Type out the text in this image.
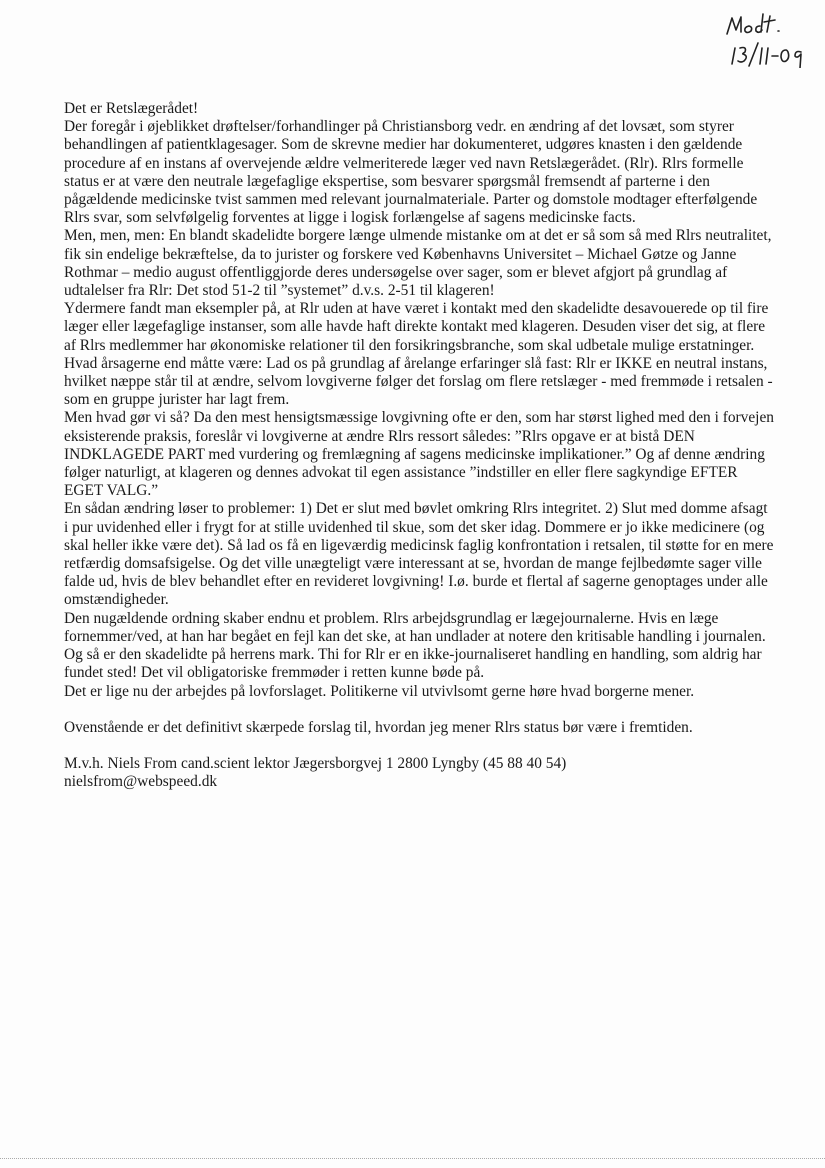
Det er Retslægerådet!

Der foregår i øjeblikket drøftelser/forhandlinger på Christiansborg vedr. en ændring af det lovsæt, som styrer behandlingen af patientklagesager. Som de skrevne medier har dokumenteret, udgøres knasten i den gældende procedure af en instans af overvejende ældre velmeriterede læger ved navn Retslægerådet. (Rlr). Rlrs formelle status er at være den neutrale lægefaglige ekspertise, som besvarer spørgsmål fremsendt af parterne i den pågældende medicinske tvist sammen med relevant journalmateriale. Parter og domstole modtager efterfølgende Rlrs svar, som selvfølgelig forventes at ligge i logisk forlængelse af sagens medicinske facts.

Men, men, men: En blandt skadelidte borgere længe ulmende mistanke om at det er så som så med Rlrs neutralitet, fik sin endelige bekræftelse, da to jurister og forskere ved Københavns Universitet – Michael Gøtze og Janne Rothmar – medio august offentliggjorde deres undersøgelse over sager, som er blevet afgjort på grundlag af udtalelser fra Rlr: Det stod 51-2 til ”systemet” d.v.s. 2-51 til klageren!

Ydermere fandt man eksempler på, at Rlr uden at have været i kontakt med den skadelidte desavouerede op til fire læger eller lægefaglige instanser, som alle havde haft direkte kontakt med klageren. Desuden viser det sig, at flere af Rlrs medlemmer har økonomiske relationer til den forsikringsbranche, som skal udbetale mulige erstatninger.

Hvad årsagerne end måtte være: Lad os på grundlag af årelange erfaringer slå fast: Rlr er IKKE en neutral instans, hvilket næppe står til at ændre, selvom lovgiverne følger det forslag om flere retslæger - med fremmøde i retsalen - som en gruppe jurister har lagt frem.

Men hvad gør vi så? Da den mest hensigtsmæssige lovgivning ofte er den, som har størst lighed med den i forvejen eksisterende praksis, foreslår vi lovgiverne at ændre Rlrs ressort således: ”Rlrs opgave er at bistå DEN INDKLAGEDE PART med vurdering og fremlægning af sagens medicinske implikationer.” Og af denne ændring følger naturligt, at klageren og dennes advokat til egen assistance ”indstiller en eller flere sagkyndige EFTER EGET VALG.”

En sådan ændring løser to problemer: 1) Det er slut med bøvlet omkring Rlrs integritet. 2) Slut med domme afsagt i pur uvidenhed eller i frygt for at stille uvidenhed til skue, som det sker idag. Dommere er jo ikke medicinere (og skal heller ikke være det). Så lad os få en ligeværdig medicinsk faglig konfrontation i retsalen, til støtte for en mere retfærdig domsafsigelse. Og det ville unægteligt være interessant at se, hvordan de mange fejlbedømte sager ville falde ud, hvis de blev behandlet efter en revideret lovgivning! I.ø. burde et flertal af sagerne genoptages under alle omstændigheder.

Den nugældende ordning skaber endnu et problem. Rlrs arbejdsgrundlag er lægejournalerne. Hvis en læge fornemmer/ved, at han har begået en fejl kan det ske, at han undlader at notere den kritisable handling i journalen. Og så er den skadelidte på herrens mark. Thi for Rlr er en ikke-journaliseret handling en handling, som aldrig har fundet sted! Det vil obligatoriske fremmøder i retten kunne bøde på.

Det er lige nu der arbejdes på lovforslaget. Politikerne vil utvivlsomt gerne høre hvad borgerne mener.

Ovenstående er det definitivt skærpede forslag til, hvordan jeg mener Rlrs status bør være i fremtiden.

M.v.h. Niels From cand.scient lektor Jægersborgvej 1 2800 Lyngby (45 88 40 54)

nielsfrom@webspeed.dk
